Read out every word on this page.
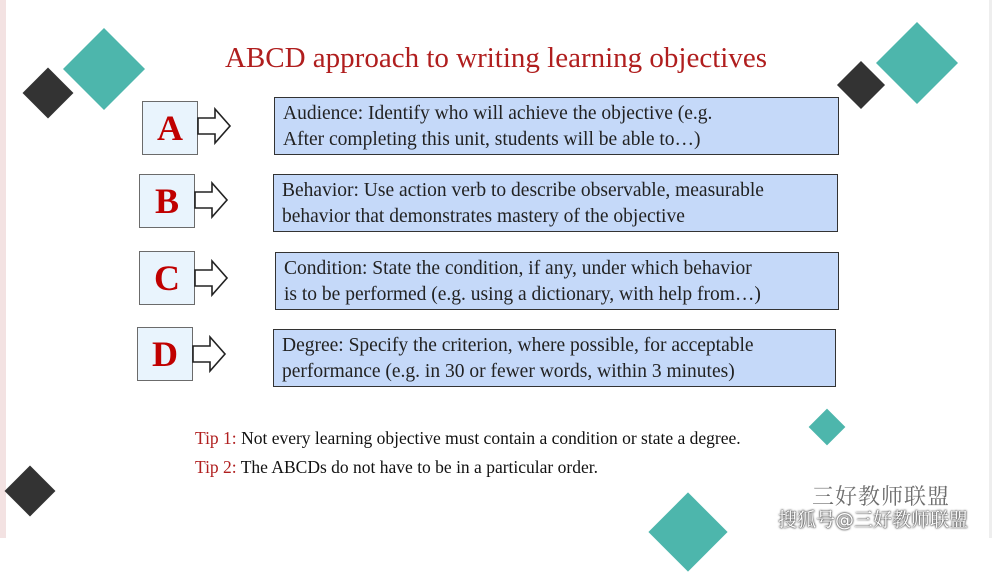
ABCD approach to writing learning objectives
A	Audience: Identify who will achieve the objective (e.g.
After completing this unit, students will be able to…)
B	Behavior: Use action verb to describe observable, measurable
behavior that demonstrates mastery of the objective
C	Condition: State the condition, if any, under which behavior
is to be performed (e.g. using a dictionary, with help from…)
D	Degree: Specify the criterion, where possible, for acceptable
performance (e.g. in 30 or fewer words, within 3 minutes)
Tip 1: Not every learning objective must contain a condition or state a degree.
Tip 2: The ABCDs do not have to be in a particular order.
三好教师联盟
搜狐号@三好教师联盟
